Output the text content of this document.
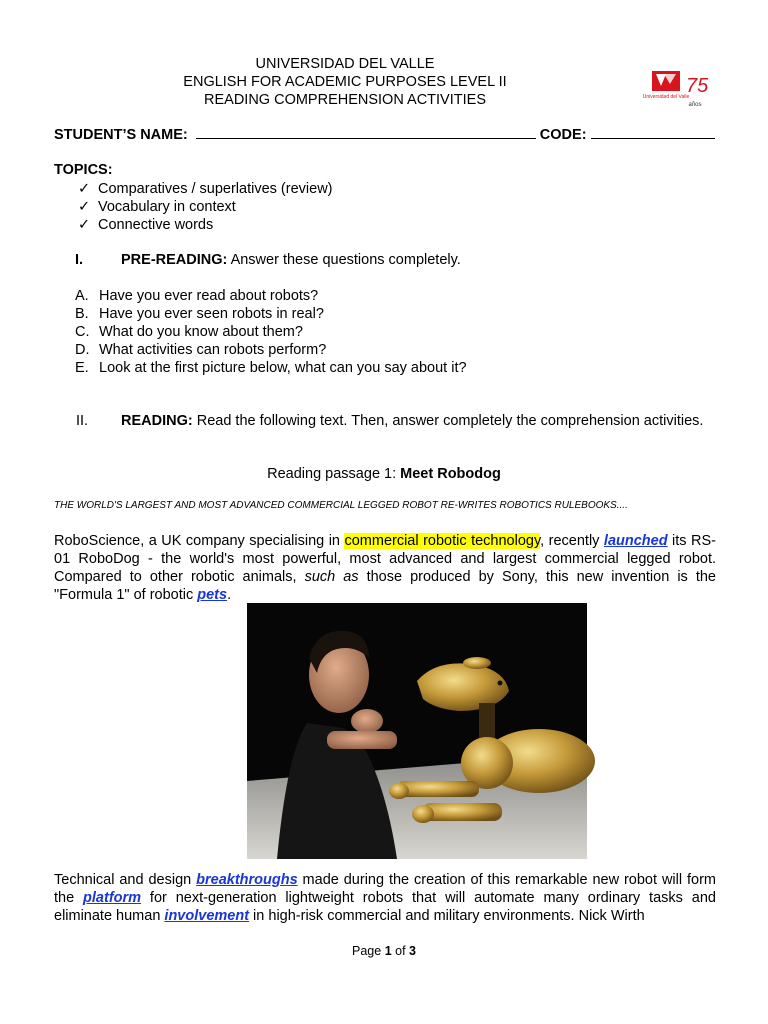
UNIVERSIDAD DEL VALLE
ENGLISH FOR ACADEMIC PURPOSES LEVEL II
READING COMPREHENSION ACTIVITIES	Universidad del Valle
75
años
STUDENT’S NAME:	CODE:
TOPICS:
✓ Comparatives / superlatives (review)
✓ Vocabulary in context
✓ Connective words
I.	PRE-READING: Answer these questions completely.
A. Have you ever read about robots?
B. Have you ever seen robots in real?
C. What do you know about them?
D. What activities can robots perform?
E. Look at the first picture below, what can you say about it?
II. READING: Read the following text. Then, answer completely the comprehension activities.
Reading passage 1: Meet Robodog
THE WORLD'S LARGEST AND MOST ADVANCED COMMERCIAL LEGGED ROBOT RE-WRITES ROBOTICS RULEBOOKS....
RoboScience, a UK company specialising in commercial robotic technology, recently launched its RS-01 RoboDog - the world's most powerful, most advanced and largest commercial legged robot. Compared to other robotic animals, such as those produced by Sony, this new invention is the "Formula 1" of robotic pets.
Technical and design breakthroughs made during the creation of this remarkable new robot will form the platform for next-generation lightweight robots that will automate many ordinary tasks and eliminate human involvement in high-risk commercial and military environments. Nick Wirth
Page 1 of 3
